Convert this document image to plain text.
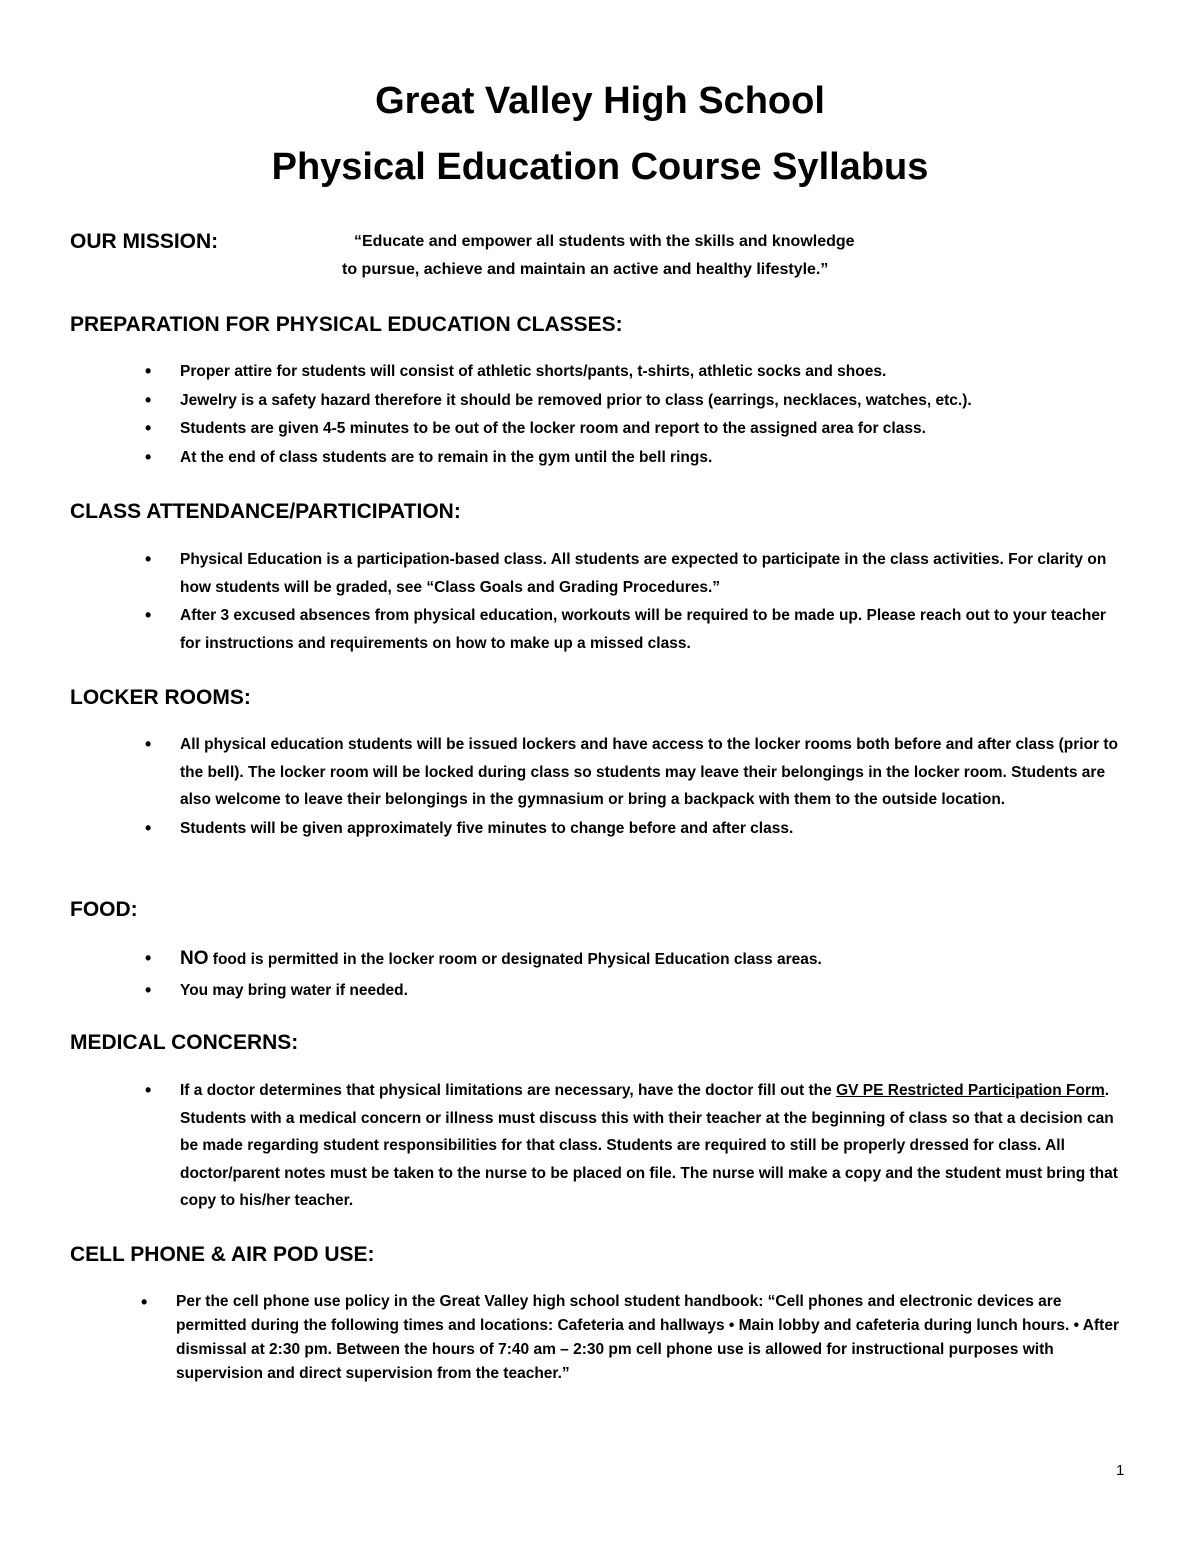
Great Valley High School
Physical Education Course Syllabus
OUR MISSION:	“Educate and empower all students with the skills and knowledge
to pursue, achieve and maintain an active and healthy lifestyle.”
PREPARATION FOR PHYSICAL EDUCATION CLASSES:
• Proper attire for students will consist of athletic shorts/pants, t-shirts, athletic socks and shoes.
• Jewelry is a safety hazard therefore it should be removed prior to class (earrings, necklaces, watches, etc.).
• Students are given 4-5 minutes to be out of the locker room and report to the assigned area for class.
• At the end of class students are to remain in the gym until the bell rings.
CLASS ATTENDANCE/PARTICIPATION:
• Physical Education is a participation-based class. All students are expected to participate in the class activities. For clarity on how students will be graded, see “Class Goals and Grading Procedures.”
• After 3 excused absences from physical education, workouts will be required to be made up. Please reach out to your teacher for instructions and requirements on how to make up a missed class.
LOCKER ROOMS:
• All physical education students will be issued lockers and have access to the locker rooms both before and after class (prior to the bell). The locker room will be locked during class so students may leave their belongings in the locker room. Students are also welcome to leave their belongings in the gymnasium or bring a backpack with them to the outside location.
• Students will be given approximately five minutes to change before and after class.
FOOD:
• NO food is permitted in the locker room or designated Physical Education class areas.
• You may bring water if needed.
MEDICAL CONCERNS:
• If a doctor determines that physical limitations are necessary, have the doctor fill out the GV PE Restricted Participation Form. Students with a medical concern or illness must discuss this with their teacher at the beginning of class so that a decision can be made regarding student responsibilities for that class. Students are required to still be properly dressed for class. All doctor/parent notes must be taken to the nurse to be placed on file. The nurse will make a copy and the student must bring that copy to his/her teacher.
CELL PHONE & AIR POD USE:
• Per the cell phone use policy in the Great Valley high school student handbook: “Cell phones and electronic devices are permitted during the following times and locations: Cafeteria and hallways • Main lobby and cafeteria during lunch hours. • After dismissal at 2:30 pm. Between the hours of 7:40 am – 2:30 pm cell phone use is allowed for instructional purposes with supervision and direct supervision from the teacher.”
1
